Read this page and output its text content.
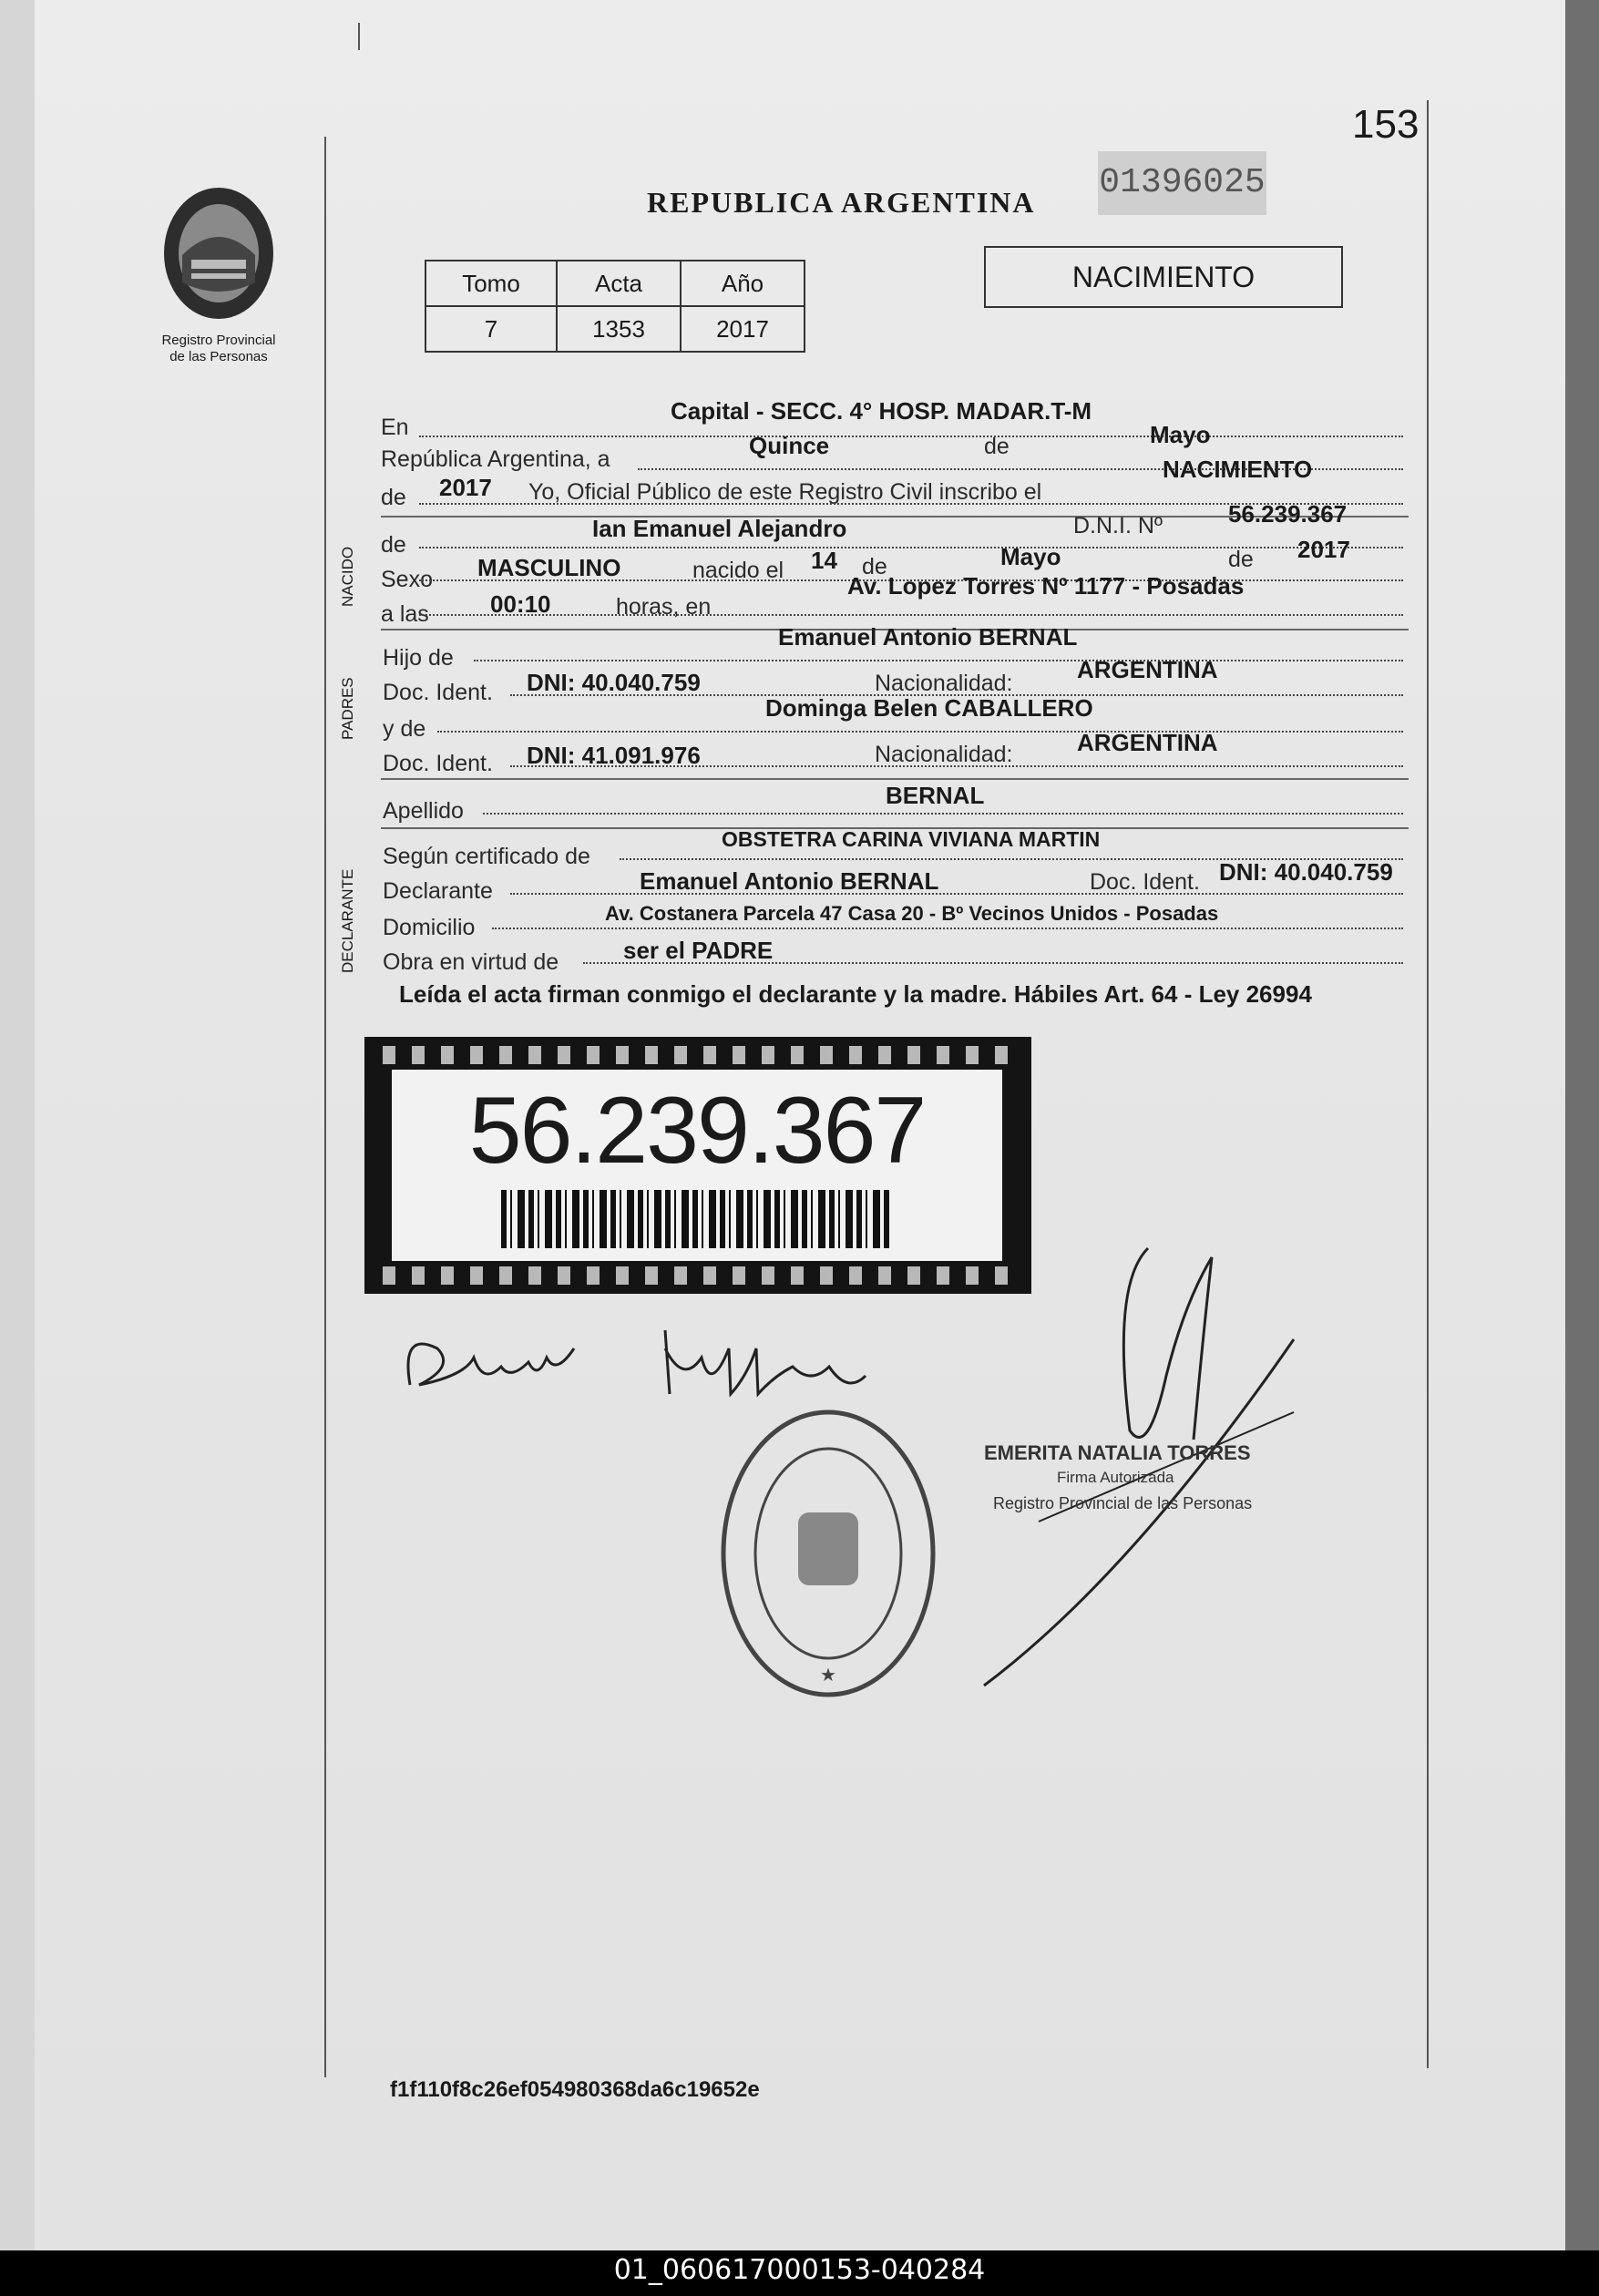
153
REPUBLICA ARGENTINA 01396025
Registro Provincial
de las Personas
Tomo	Acta	Año
7	1353	2017
NACIMIENTO
En
Capital - SECC. 4° HOSP. MADAR.T-M
República Argentina, a	Quince	de	Mayo
de 2017 Yo, Oficial Público de este Registro Civil inscribo el
NACIMIENTO
NACIDO
de
Ian Emanuel Alejandro	D.N.I. Nº	56.239.367
Sexo MASCULINO	nacido el 14 de	Mayo	de 2017
a las	00:10	horas, en
Av. Lopez Torres Nº 1177 - Posadas
PADRES
Hijo de
Emanuel Antonio BERNAL
Doc. Ident. DNI: 40.040.759	Nacionalidad:	ARGENTINA
y de
Dominga Belen CABALLERO
Doc. Ident. DNI: 41.091.976	Nacionalidad:	ARGENTINA
Apellido
BERNAL
DECLARANTE
Según certificado de
OBSTETRA CARINA VIVIANA MARTIN
Declarante	Emanuel Antonio BERNAL	Doc. Ident. DNI: 40.040.759
Domicilio
Av. Costanera Parcela 47 Casa 20 - Bº Vecinos Unidos - Posadas
Obra en virtud de	ser el PADRE
Leída el acta firman conmigo el declarante y la madre. Hábiles Art. 64 - Ley 26994
56.239.367
★
EMERITA NATALIA TORRES
Firma Autorizada
Registro Provincial de las Personas
f1f110f8c26ef054980368da6c19652e
01_060617000153-040284
